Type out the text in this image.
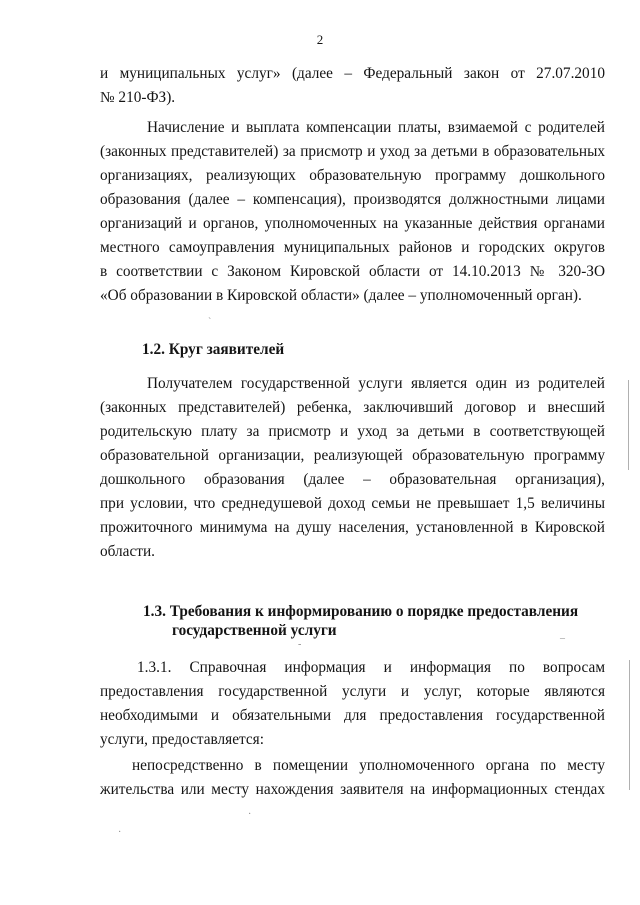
2
и муниципальных услуг» (далее – Федеральный закон от 27.07.2010
№ 210-ФЗ).
Начисление и выплата компенсации платы, взимаемой с родителей
(законных представителей) за присмотр и уход за детьми в образовательных
организациях, реализующих образовательную программу дошкольного
образования (далее – компенсация), производятся должностными лицами
организаций и органов, уполномоченных на указанные действия органами
местного самоуправления муниципальных районов и городских округов
в соответствии с Законом Кировской области от 14.10.2013 № 320-ЗО
«Об образовании в Кировской области» (далее – уполномоченный орган).
1.2. Круг заявителей
Получателем государственной услуги является один из родителей
(законных представителей) ребенка, заключивший договор и внесший
родительскую плату за присмотр и уход за детьми в соответствующей
образовательной организации, реализующей образовательную программу
дошкольного образования (далее – образовательная организация),
при условии, что среднедушевой доход семьи не превышает 1,5 величины
прожиточного минимума на душу населения, установленной в Кировской
области.
1.3. Требования к информированию о порядке предоставления
государственной услуги
1.3.1. Справочная информация и информация по вопросам
предоставления государственной услуги и услуг, которые являются
необходимыми и обязательными для предоставления государственной
услуги, предоставляется:
непосредственно в помещении уполномоченного органа по месту
жительства или месту нахождения заявителя на информационных стендах
ˋ
-
–
·
·
